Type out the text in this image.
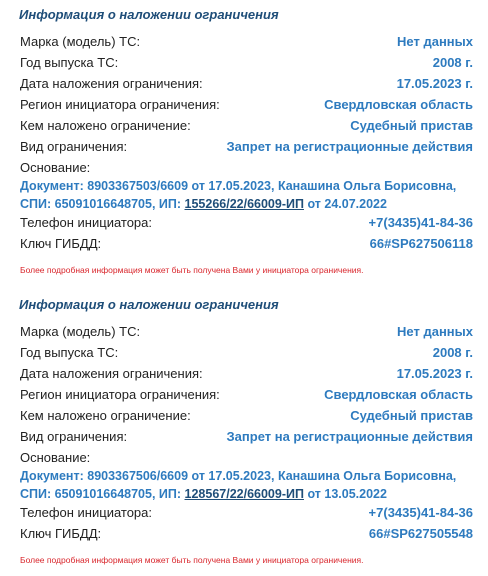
Информация о наложении ограничения
Марка (модель) ТС:	Нет данных
Год выпуска ТС:	2008 г.
Дата наложения ограничения:	17.05.2023 г.
Регион инициатора ограничения:	Свердловская область
Кем наложено ограничение:	Судебный пристав
Вид ограничения:	Запрет на регистрационные действия
Основание:
Документ: 8903367503/6609 от 17.05.2023, Канашина Ольга Борисовна,
СПИ: 65091016648705, ИП: 155266/22/66009-ИП от 24.07.2022
Телефон инициатора:	+7(3435)41-84-36
Ключ ГИБДД:	66#SP627506118
Более подробная информация может быть получена Вами у инициатора ограничения.
Информация о наложении ограничения
Марка (модель) ТС:	Нет данных
Год выпуска ТС:	2008 г.
Дата наложения ограничения:	17.05.2023 г.
Регион инициатора ограничения:	Свердловская область
Кем наложено ограничение:	Судебный пристав
Вид ограничения:	Запрет на регистрационные действия
Основание:
Документ: 8903367506/6609 от 17.05.2023, Канашина Ольга Борисовна,
СПИ: 65091016648705, ИП: 128567/22/66009-ИП от 13.05.2022
Телефон инициатора:	+7(3435)41-84-36
Ключ ГИБДД:	66#SP627505548
Более подробная информация может быть получена Вами у инициатора ограничения.
